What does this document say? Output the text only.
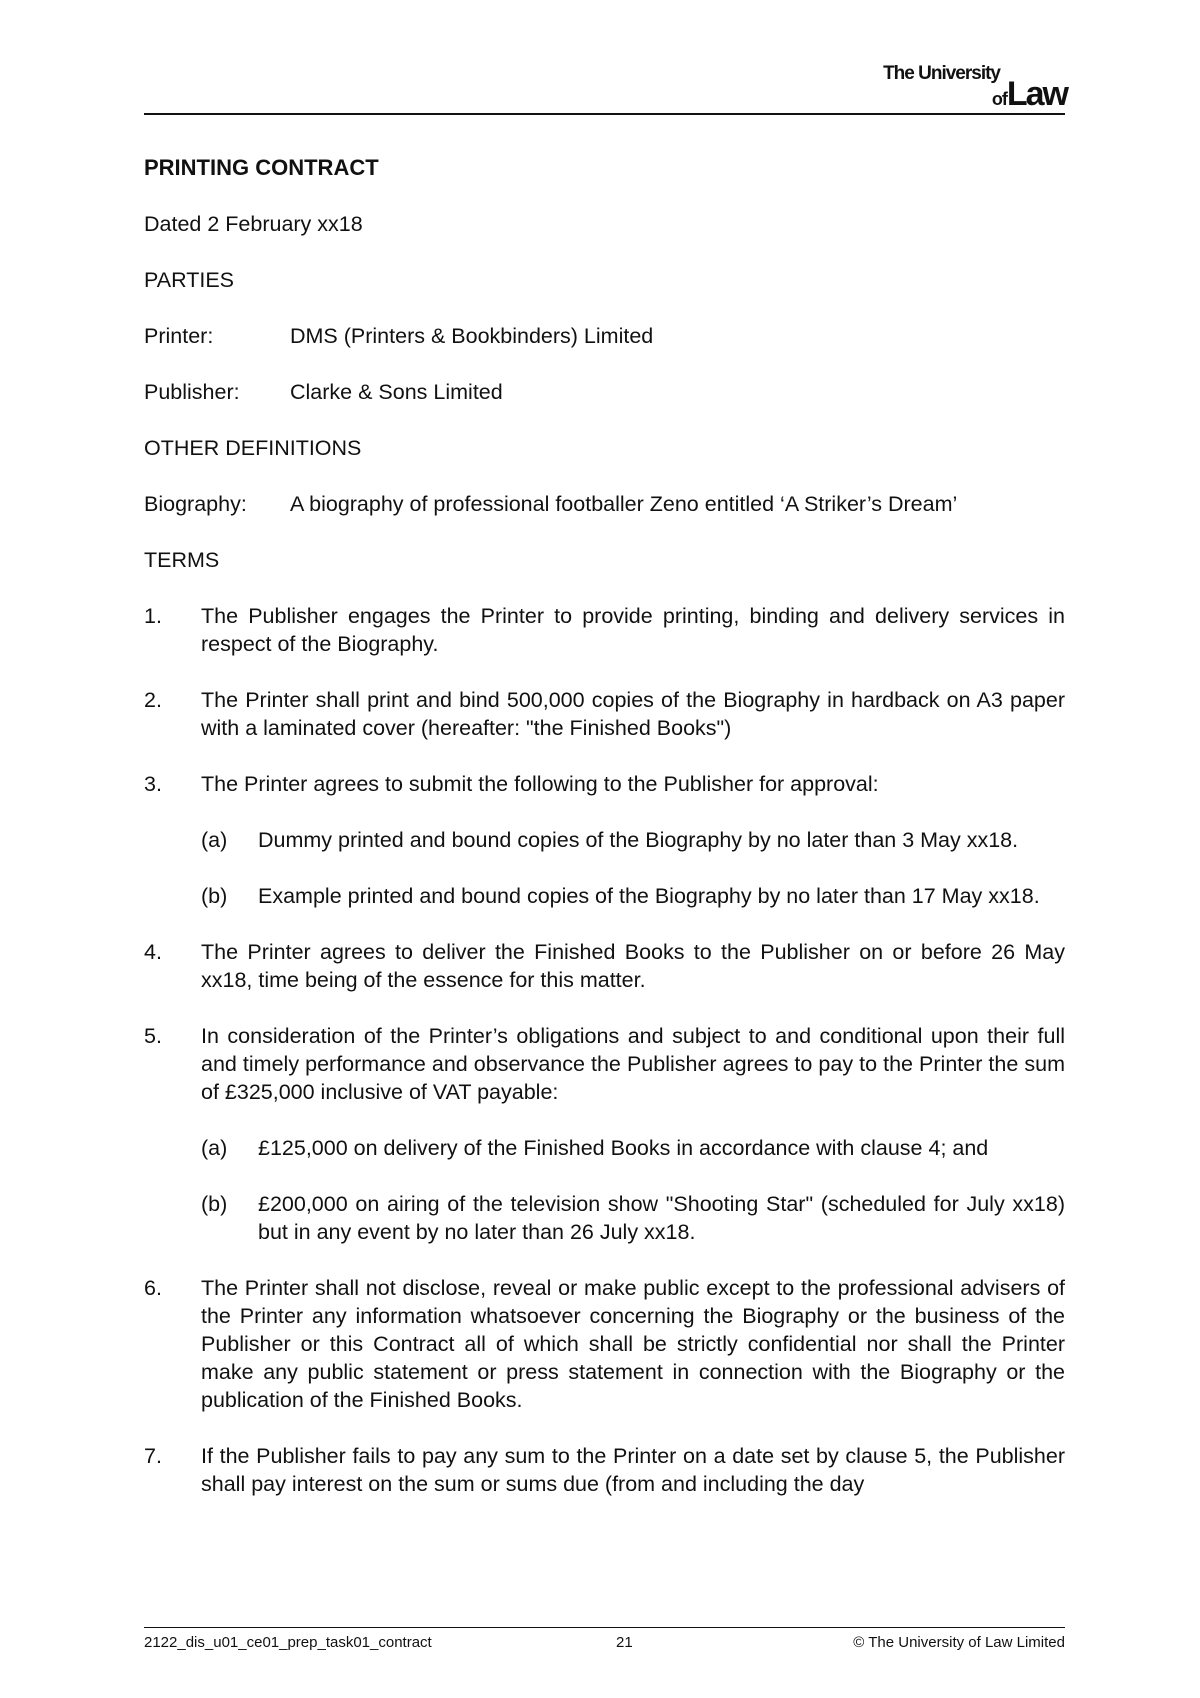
The University
of Law
PRINTING CONTRACT
Dated 2 February xx18
PARTIES
Printer:	DMS (Printers & Bookbinders) Limited
Publisher:	Clarke & Sons Limited
OTHER DEFINITIONS
Biography:	A biography of professional footballer Zeno entitled ‘A Striker’s Dream’
TERMS
1.	The Publisher engages the Printer to provide printing, binding and delivery services in respect of the Biography.
2.	The Printer shall print and bind 500,000 copies of the Biography in hardback on A3 paper with a laminated cover (hereafter: "the Finished Books")
3.	The Printer agrees to submit the following to the Publisher for approval:
(a)	Dummy printed and bound copies of the Biography by no later than 3 May xx18.
(b)	Example printed and bound copies of the Biography by no later than 17 May xx18.
4.	The Printer agrees to deliver the Finished Books to the Publisher on or before 26 May xx18, time being of the essence for this matter.
5.	In consideration of the Printer’s obligations and subject to and conditional upon their full and timely performance and observance the Publisher agrees to pay to the Printer the sum of £325,000 inclusive of VAT payable:
(a)	£125,000 on delivery of the Finished Books in accordance with clause 4; and
(b)	£200,000 on airing of the television show "Shooting Star" (scheduled for July xx18) but in any event by no later than 26 July xx18.
6.	The Printer shall not disclose, reveal or make public except to the professional advisers of the Printer any information whatsoever concerning the Biography or the business of the Publisher or this Contract all of which shall be strictly confidential nor shall the Printer make any public statement or press statement in connection with the Biography or the publication of the Finished Books.
7.	If the Publisher fails to pay any sum to the Printer on a date set by clause 5, the Publisher shall pay interest on the sum or sums due (from and including the day
2122_dis_u01_ce01_prep_task01_contract	21	© The University of Law Limited
